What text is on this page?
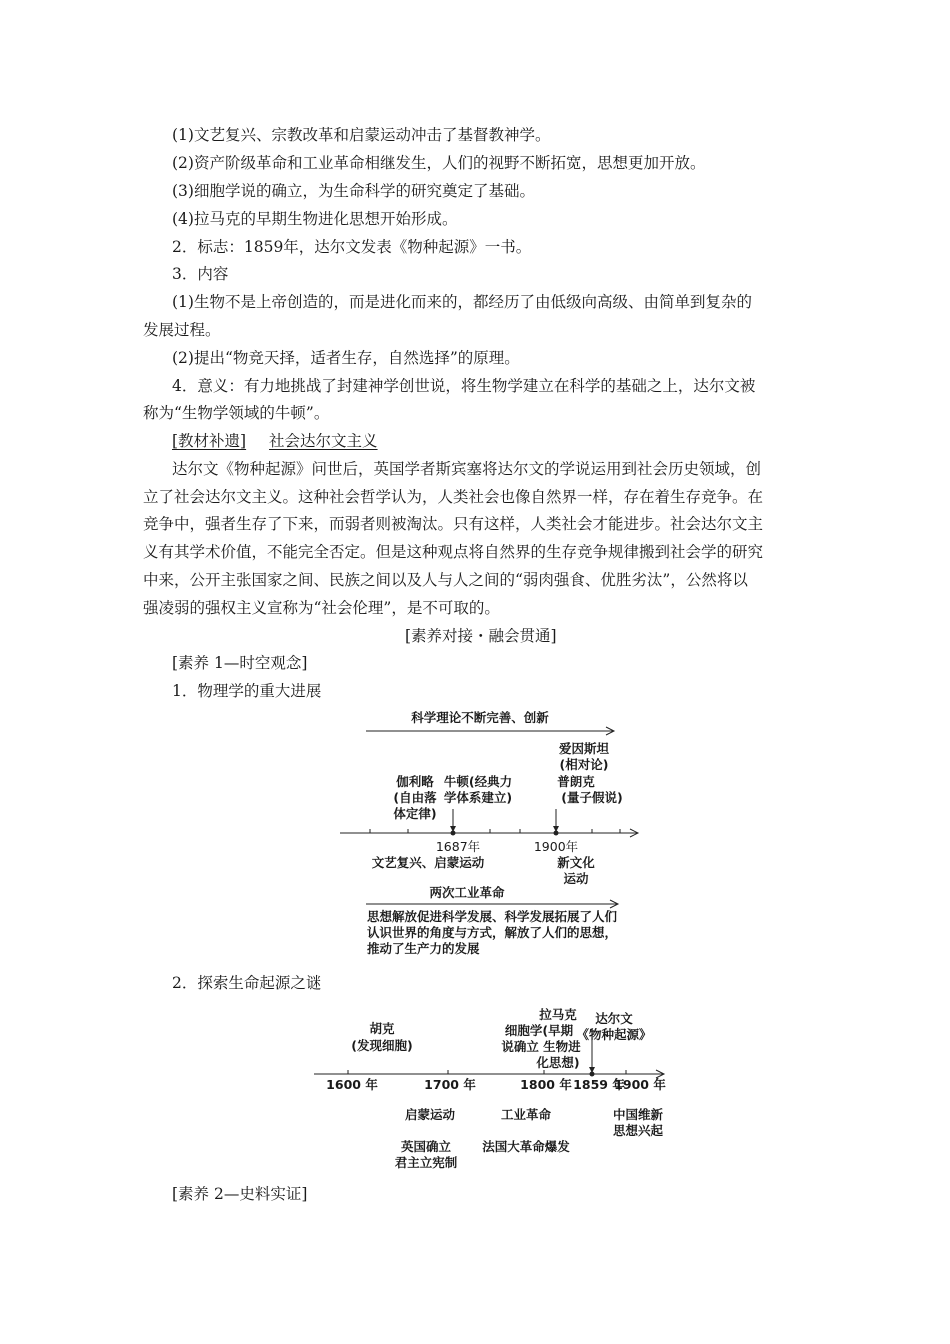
(1)文艺复兴、宗教改革和启蒙运动冲击了基督教神学。
(2)资产阶级革命和工业革命相继发生，人们的视野不断拓宽，思想更加开放。
(3)细胞学说的确立，为生命科学的研究奠定了基础。
(4)拉马克的早期生物进化思想开始形成。
2．标志：1859年，达尔文发表《物种起源》一书。
3．内容
(1)生物不是上帝创造的，而是进化而来的，都经历了由低级向高级、由简单到复杂的
发展过程。
(2)提出“物竞天择，适者生存，自然选择”的原理。
4．意义：有力地挑战了封建神学创世说，将生物学建立在科学的基础之上，达尔文被
称为“生物学领域的牛顿”。
[教材补遗] 社会达尔文主义
达尔文《物种起源》问世后，英国学者斯宾塞将达尔文的学说运用到社会历史领域，创
立了社会达尔文主义。这种社会哲学认为，人类社会也像自然界一样，存在着生存竞争。在
竞争中，强者生存了下来，而弱者则被淘汰。只有这样，人类社会才能进步。社会达尔文主
义有其学术价值，不能完全否定。但是这种观点将自然界的生存竞争规律搬到社会学的研究
中来，公开主张国家之间、民族之间以及人与人之间的“弱肉强食、优胜劣汰”，公然将以
强凌弱的强权主义宣称为“社会伦理”，是不可取的。
[素养对接・融会贯通]
[素养 1—时空观念]
1．物理学的重大进展
科学理论不断完善、创新
爱因斯坦
(相对论)
伽利略
(自由落
体定律)
牛顿(经典力
学体系建立)
普朗克
(量子假说)
1687年	1900年
文艺复兴、启蒙运动	新文化
运动
两次工业革命
思想解放促进科学发展、科学发展拓展了人们
认识世界的角度与方式，解放了人们的思想，
推动了生产力的发展
2．探索生命起源之谜
胡克
(发现细胞)
拉马克
细胞学(早期
说确立 生物进
化思想)
达尔文
《物种起源》
1600 年	1700 年	1800 年 1859 年
1900 年
启蒙运动	工业革命	中国维新
思想兴起
英国确立
君主立宪制
法国大革命爆发
[素养 2—史料实证]
